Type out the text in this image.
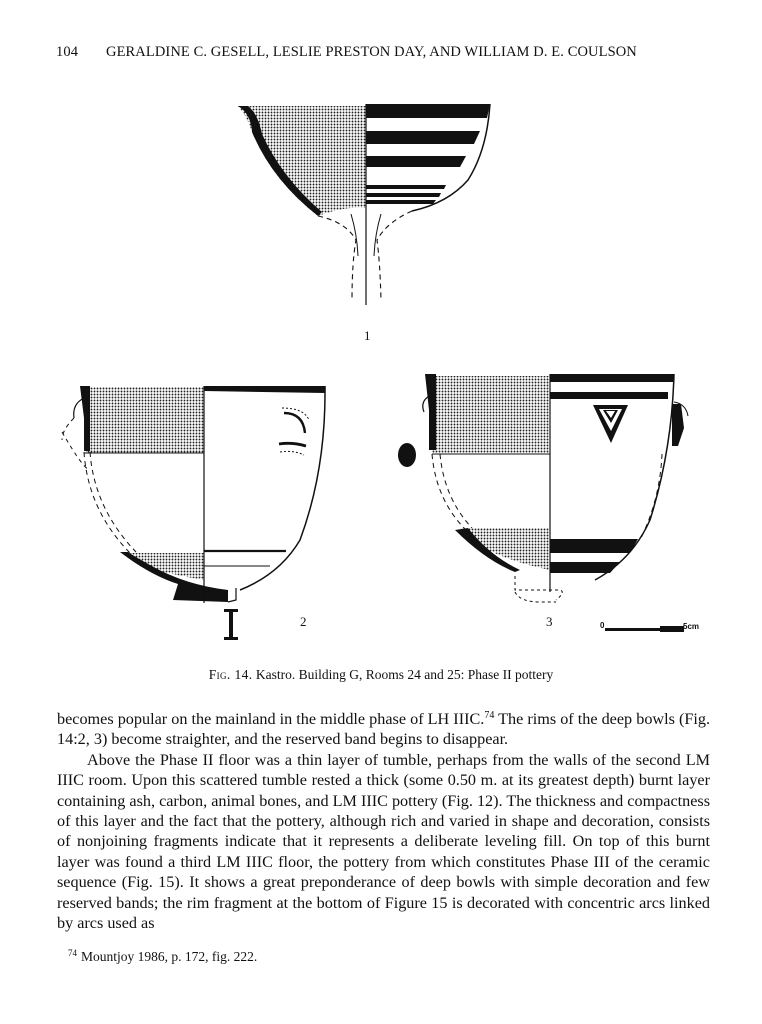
104 GERALDINE C. GESELL, LESLIE PRESTON DAY, AND WILLIAM D. E. COULSON
1
2	3	0	5cm
Fig. 14. Kastro. Building G, Rooms 24 and 25: Phase II pottery

becomes popular on the mainland in the middle phase of LH IIIC.$^{74}$ The rims of the deep bowls (Fig. 14:2, 3) become straighter, and the reserved band begins to disappear.

Above the Phase II floor was a thin layer of tumble, perhaps from the walls of the second LM IIIC room. Upon this scattered tumble rested a thick (some 0.50 m. at its greatest depth) burnt layer containing ash, carbon, animal bones, and LM IIIC pottery (Fig. 12). The thickness and compactness of this layer and the fact that the pottery, although rich and varied in shape and decoration, consists of nonjoining fragments indicate that it represents a deliberate leveling fill. On top of this burnt layer was found a third LM IIIC floor, the pottery from which constitutes Phase III of the ceramic sequence (Fig. 15). It shows a great preponderance of deep bowls with simple decoration and few reserved bands; the rim fragment at the bottom of Figure 15 is decorated with concentric arcs linked by arcs used as

$^{74}$ Mountjoy 1986, p. 172, fig. 222.
